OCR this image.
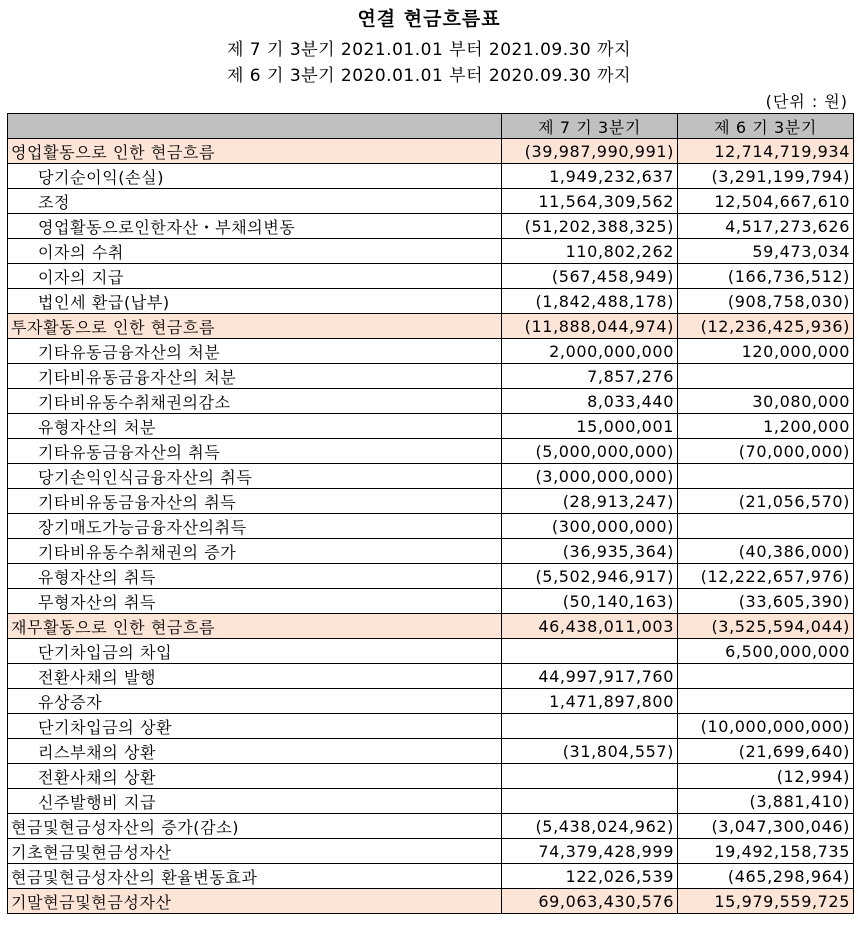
연결 현금흐름표
제 7 기 3분기 2021.01.01 부터 2021.09.30 까지
제 6 기 3분기 2020.01.01 부터 2020.09.30 까지
(단위 : 원)
	제 7 기 3분기	제 6 기 3분기
영업활동으로 인한 현금흐름	(39,987,990,991)	12,714,719,934
당기순이익(손실)	1,949,232,637	(3,291,199,794)
조정	11,564,309,562	12,504,667,610
영업활동으로인한자산・부채의변동	(51,202,388,325)	4,517,273,626
이자의 수취	110,802,262	59,473,034
이자의 지급	(567,458,949)	(166,736,512)
법인세 환급(납부)	(1,842,488,178)	(908,758,030)
투자활동으로 인한 현금흐름	(11,888,044,974)	(12,236,425,936)
기타유동금융자산의 처분	2,000,000,000	120,000,000
기타비유동금융자산의 처분	7,857,276	
기타비유동수취채권의감소	8,033,440	30,080,000
유형자산의 처분	15,000,001	1,200,000
기타유동금융자산의 취득	(5,000,000,000)	(70,000,000)
당기손익인식금융자산의 취득	(3,000,000,000)	
기타비유동금융자산의 취득	(28,913,247)	(21,056,570)
장기매도가능금융자산의취득	(300,000,000)	
기타비유동수취채권의 증가	(36,935,364)	(40,386,000)
유형자산의 취득	(5,502,946,917)	(12,222,657,976)
무형자산의 취득	(50,140,163)	(33,605,390)
재무활동으로 인한 현금흐름	46,438,011,003	(3,525,594,044)
단기차입금의 차입		6,500,000,000
전환사채의 발행	44,997,917,760	
유상증자	1,471,897,800	
단기차입금의 상환		(10,000,000,000)
리스부채의 상환	(31,804,557)	(21,699,640)
전환사채의 상환		(12,994)
신주발행비 지급		(3,881,410)
현금및현금성자산의 증가(감소)	(5,438,024,962)	(3,047,300,046)
기초현금및현금성자산	74,379,428,999	19,492,158,735
현금및현금성자산의 환율변동효과	122,026,539	(465,298,964)
기말현금및현금성자산	69,063,430,576	15,979,559,725
